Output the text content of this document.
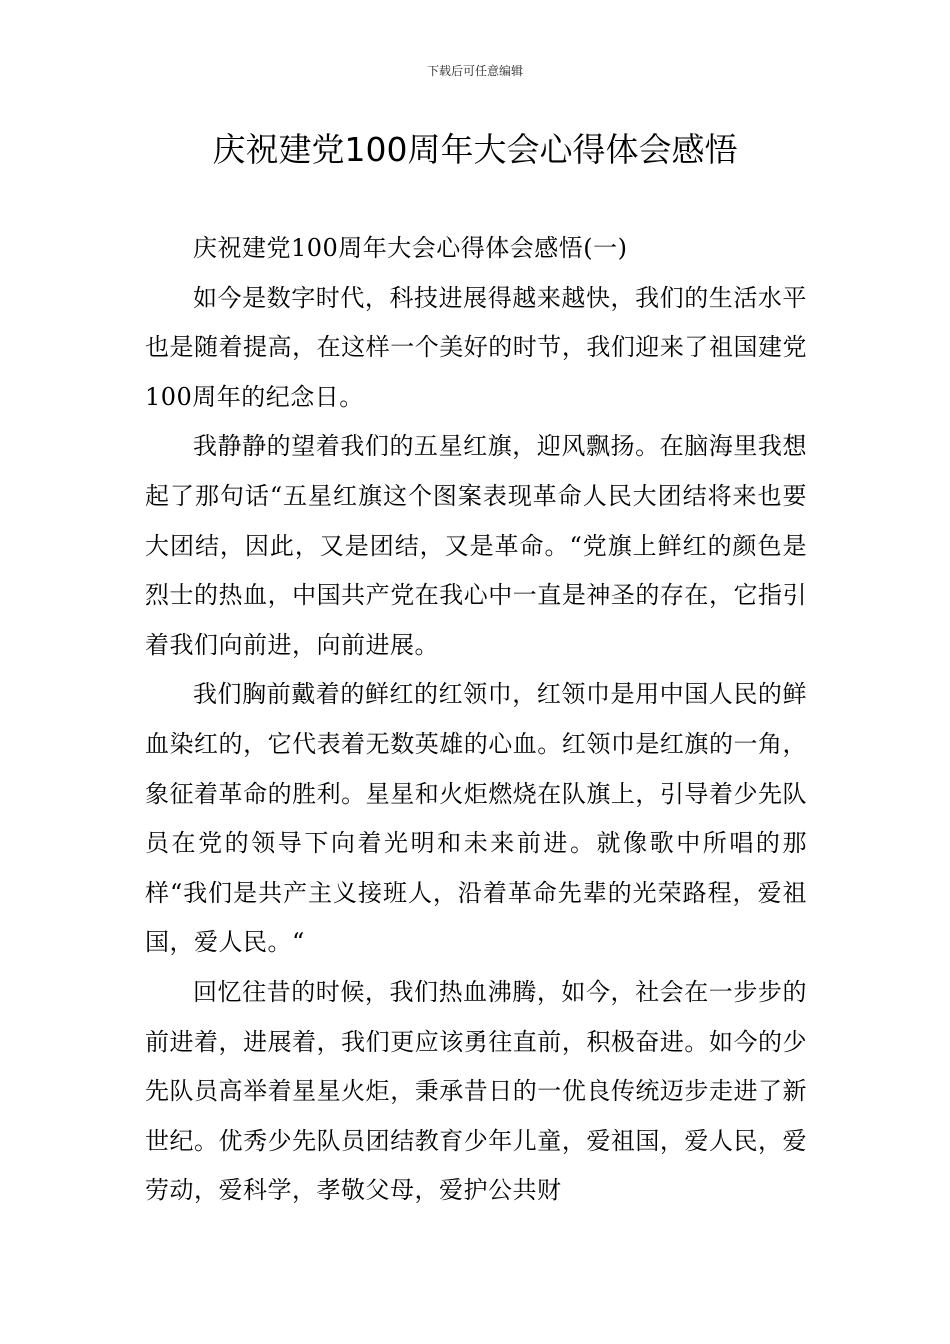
下载后可任意编辑
庆祝建党100周年大会心得体会感悟

庆祝建党100周年大会心得体会感悟(一)

如今是数字时代，科技进展得越来越快，我们的生活水平也是随着提高，在这样一个美好的时节，我们迎来了祖国建党100周年的纪念日。

我静静的望着我们的五星红旗，迎风飘扬。在脑海里我想起了那句话“五星红旗这个图案表现革命人民大团结将来也要大团结，因此，又是团结，又是革命。“党旗上鲜红的颜色是烈士的热血，中国共产党在我心中一直是神圣的存在，它指引着我们向前进，向前进展。

我们胸前戴着的鲜红的红领巾，红领巾是用中国人民的鲜血染红的，它代表着无数英雄的心血。红领巾是红旗的一角，象征着革命的胜利。星星和火炬燃烧在队旗上，引导着少先队员在党的领导下向着光明和未来前进。就像歌中所唱的那样“我们是共产主义接班人，沿着革命先辈的光荣路程，爱祖国，爱人民。“

回忆往昔的时候，我们热血沸腾，如今，社会在一步步的前进着，进展着，我们更应该勇往直前，积极奋进。如今的少先队员高举着星星火炬，秉承昔日的一优良传统迈步走进了新世纪。优秀少先队员团结教育少年儿童，爱祖国，爱人民，爱劳动，爱科学，孝敬父母，爱护公共财
